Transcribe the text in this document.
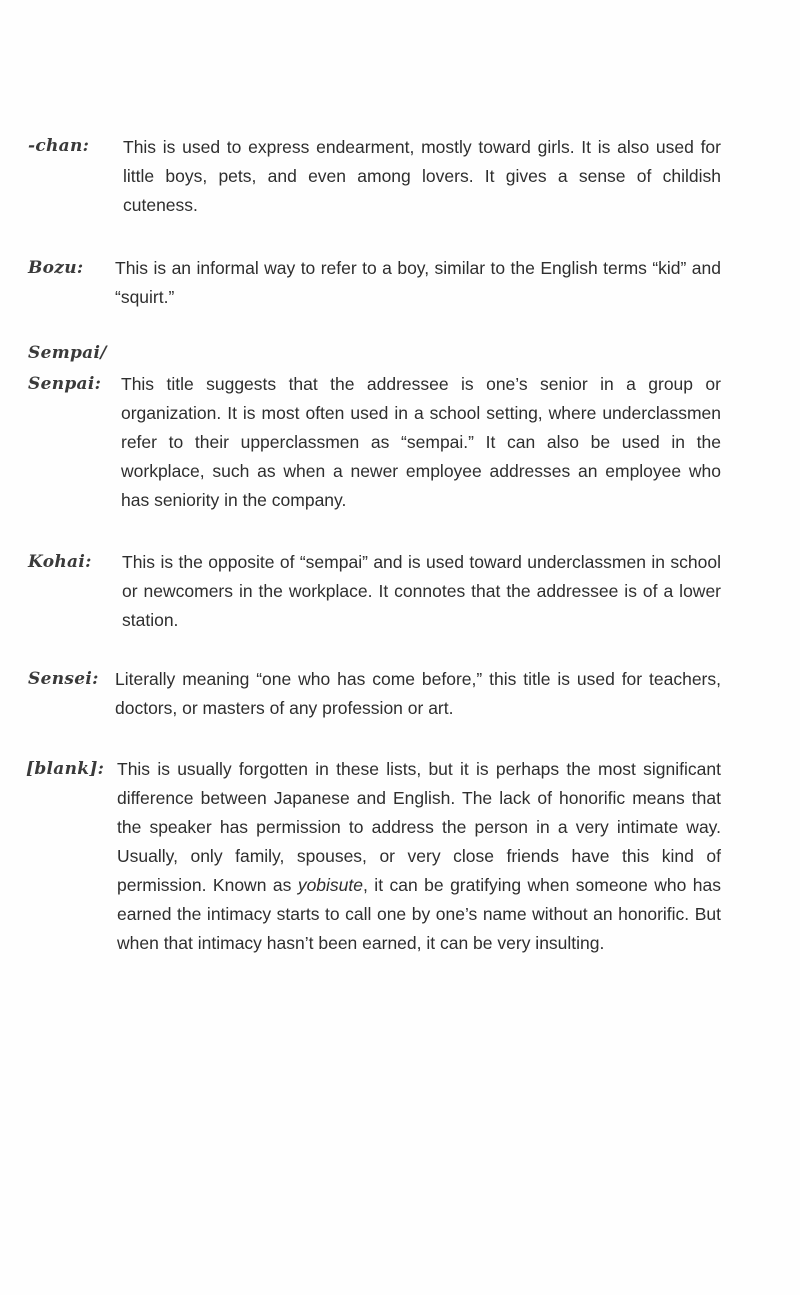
-chan: This is used to express endearment, mostly toward girls. It is also used for little boys, pets, and even among lovers. It gives a sense of childish cuteness.

Bozu: This is an informal way to refer to a boy, similar to the English terms “kid” and “squirt.”

Sempai/
Senpai: This title suggests that the addressee is one’s senior in a group or organization. It is most often used in a school setting, where underclassmen refer to their upperclassmen as “sempai.” It can also be used in the workplace, such as when a newer employee addresses an employee who has seniority in the company.

Kohai: This is the opposite of “sempai” and is used toward underclassmen in school or newcomers in the workplace. It connotes that the addressee is of a lower station.

Sensei: Literally meaning “one who has come before,” this title is used for teachers, doctors, or masters of any profession or art.

[blank]: This is usually forgotten in these lists, but it is perhaps the most significant difference between Japanese and English. The lack of honorific means that the speaker has permission to address the person in a very intimate way. Usually, only family, spouses, or very close friends have this kind of permission. Known as yobisute, it can be gratifying when someone who has earned the intimacy starts to call one by one’s name without an honorific. But when that intimacy hasn’t been earned, it can be very insulting.
